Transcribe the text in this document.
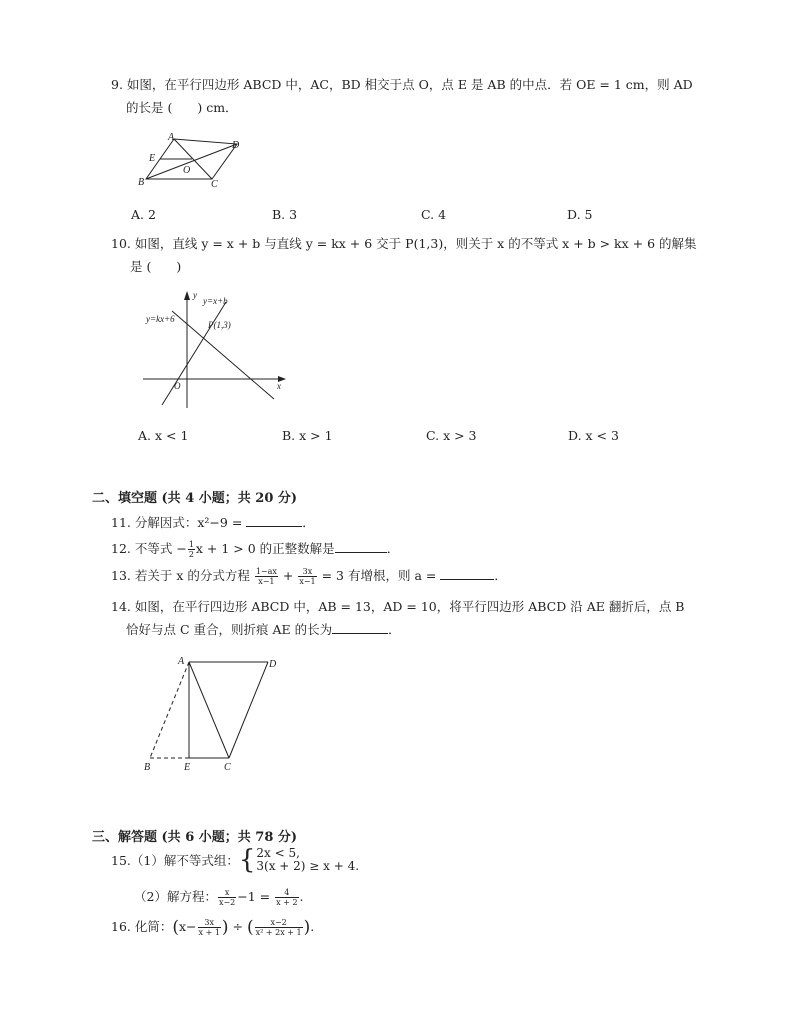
9. 如图，在平行四边形 ABCD 中，AC，BD 相交于点 O，点 E 是 AB 的中点．若 OE = 1 cm，则 AD
的长是 (　　) cm．
A
D
E
O
B	C
A. 2	B. 3	C. 4	D. 5
10. 如图，直线 y = x + b 与直线 y = kx + 6 交于 P(1,3)，则关于 x 的不等式 x + b > kx + 6 的解集
是 (　　)
y
x
O
y=x+b
y=kx+6
P(1,3)
A. x < 1	B. x > 1	C. x > 3	D. x < 3
二、填空题 (共 4 小题；共 20 分)
11. 分解因式：x²−9 =	．
12. 不等式 − $\frac{1}{2}$ x + 1 > 0 的正整数解是	．
13. 若关于 x 的分式方程 $\frac{1-ax}{x-1} + \frac{3x}{x-1} = 3$ 有增根，则 a =	．
14. 如图，在平行四边形 ABCD 中，AB = 13，AD = 10，将平行四边形 ABCD 沿 AE 翻折后，点 B
恰好与点 C 重合，则折痕 AE 的长为	．
A	D
B	E	C
三、解答题 (共 6 小题；共 78 分)
15.（1）解不等式组：{ 2x < 5,
3(x + 2) ≥ x + 4.
（2）解方程： $\frac{x}{x-2} -1 = \frac{4}{x + 2}$ .
16. 化简：($x- \frac{3x}{x + 1}$ ) ÷ ( $\frac{x-2}{\text{x² + 2x + 1}}$ ).
